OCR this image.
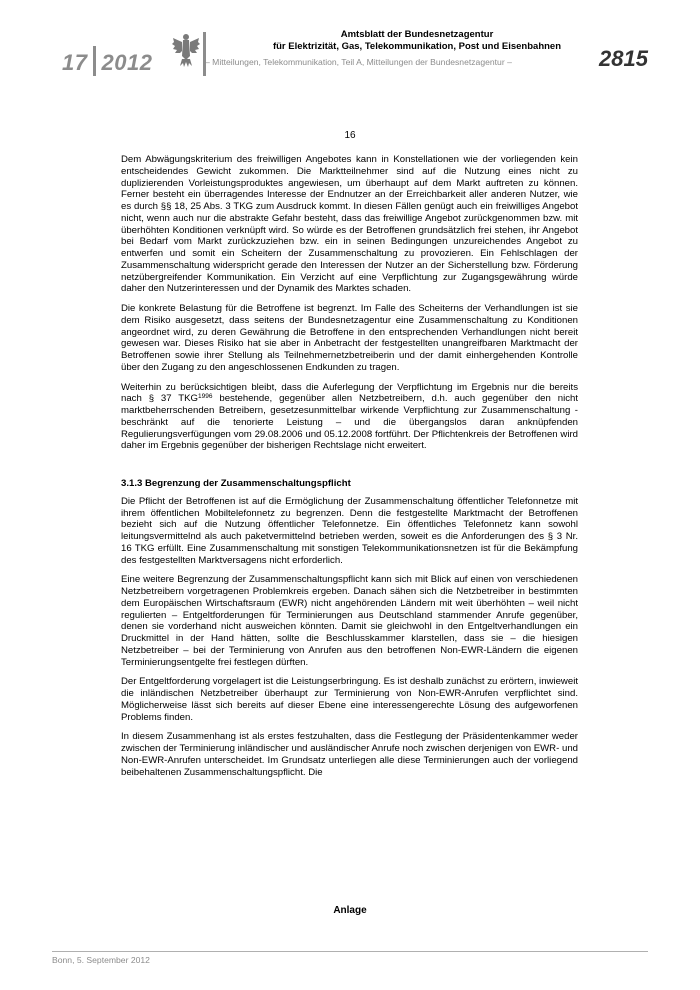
17 2012
Amtsblatt der Bundesnetzagentur
für Elektrizität, Gas, Telekommunikation, Post und Eisenbahnen
– Mitteilungen, Telekommunikation, Teil A, Mitteilungen der Bundesnetzagentur –	2815
16

Dem Abwägungskriterium des freiwilligen Angebotes kann in Konstellationen wie der vorliegenden kein entscheidendes Gewicht zukommen. Die Marktteilnehmer sind auf die Nutzung eines nicht zu duplizierenden Vorleistungsproduktes angewiesen, um überhaupt auf dem Markt auftreten zu können. Ferner besteht ein überragendes Interesse der Endnutzer an der Erreichbarkeit aller anderen Nutzer, wie es durch §§ 18, 25 Abs. 3 TKG zum Ausdruck kommt. In diesen Fällen genügt auch ein freiwilliges Angebot nicht, wenn auch nur die abstrakte Gefahr besteht, dass das freiwillige Angebot zurückgenommen bzw. mit überhöhten Konditionen verknüpft wird. So würde es der Betroffenen grundsätzlich frei stehen, ihr Angebot bei Bedarf vom Markt zurückzuziehen bzw. ein in seinen Bedingungen unzureichendes Angebot zu entwerfen und somit ein Scheitern der Zusammenschaltung zu provozieren. Ein Fehlschlagen der Zusammenschaltung widerspricht gerade den Interessen der Nutzer an der Sicherstellung bzw. Förderung netzübergreifender Kommunikation. Ein Verzicht auf eine Verpflichtung zur Zugangsgewährung würde daher den Nutzerinteressen und der Dynamik des Marktes schaden.

Die konkrete Belastung für die Betroffene ist begrenzt. Im Falle des Scheiterns der Verhandlungen ist sie dem Risiko ausgesetzt, dass seitens der Bundesnetzagentur eine Zusammenschaltung zu Konditionen angeordnet wird, zu deren Gewährung die Betroffene in den entsprechenden Verhandlungen nicht bereit gewesen war. Dieses Risiko hat sie aber in Anbetracht der festgestellten unangreifbaren Marktmacht der Betroffenen sowie ihrer Stellung als Teilnehmernetzbetreiberin und der damit einhergehenden Kontrolle über den Zugang zu den angeschlossenen Endkunden zu tragen.

Weiterhin zu berücksichtigen bleibt, dass die Auferlegung der Verpflichtung im Ergebnis nur die bereits nach § 37 $TKG^{1996}$ bestehende, gegenüber allen Netzbetreibern, d.h. auch gegenüber den nicht marktbeherrschenden Betreibern, gesetzesunmittelbar wirkende Verpflichtung zur Zusammenschaltung - beschränkt auf die tenorierte Leistung – und die übergangslos daran anknüpfenden Regulierungsverfügungen vom 29.08.2006 und 05.12.2008 fortführt. Der Pflichtenkreis der Betroffenen wird daher im Ergebnis gegenüber der bisherigen Rechtslage nicht erweitert.

3.1.3 Begrenzung der Zusammenschaltungspflicht

Die Pflicht der Betroffenen ist auf die Ermöglichung der Zusammenschaltung öffentlicher Telefonnetze mit ihrem öffentlichen Mobiltelefonnetz zu begrenzen. Denn die festgestellte Marktmacht der Betroffenen bezieht sich auf die Nutzung öffentlicher Telefonnetze. Ein öffentliches Telefonnetz kann sowohl leitungsvermittelnd als auch paketvermittelnd betrieben werden, soweit es die Anforderungen des § 3 Nr. 16 TKG erfüllt. Eine Zusammenschaltung mit sonstigen Telekommunikationsnetzen ist für die Bekämpfung des festgestellten Marktversagens nicht erforderlich.

Eine weitere Begrenzung der Zusammenschaltungspflicht kann sich mit Blick auf einen von verschiedenen Netzbetreibern vorgetragenen Problemkreis ergeben. Danach sähen sich die Netzbetreiber in bestimmten dem Europäischen Wirtschaftsraum (EWR) nicht angehörenden Ländern mit weit überhöhten – weil nicht regulierten – Entgeltforderungen für Terminierungen aus Deutschland stammender Anrufe gegenüber, denen sie vorderhand nicht ausweichen könnten. Damit sie gleichwohl in den Entgeltverhandlungen ein Druckmittel in der Hand hätten, sollte die Beschlusskammer klarstellen, dass sie – die hiesigen Netzbetreiber – bei der Terminierung von Anrufen aus den betroffenen Non-EWR-Ländern die eigenen Terminierungsentgelte frei festlegen dürften.

Der Entgeltforderung vorgelagert ist die Leistungserbringung. Es ist deshalb zunächst zu erörtern, inwieweit die inländischen Netzbetreiber überhaupt zur Terminierung von Non-EWR-Anrufen verpflichtet sind. Möglicherweise lässt sich bereits auf dieser Ebene eine interessengerechte Lösung des aufgeworfenen Problems finden.

In diesem Zusammenhang ist als erstes festzuhalten, dass die Festlegung der Präsidentenkammer weder zwischen der Terminierung inländischer und ausländischer Anrufe noch zwischen derjenigen von EWR- und Non-EWR-Anrufen unterscheidet. Im Grundsatz unterliegen alle diese Terminierungen auch der vorliegend beibehaltenen Zusammenschaltungspflicht. Die

Anlage
Bonn, 5. September 2012
